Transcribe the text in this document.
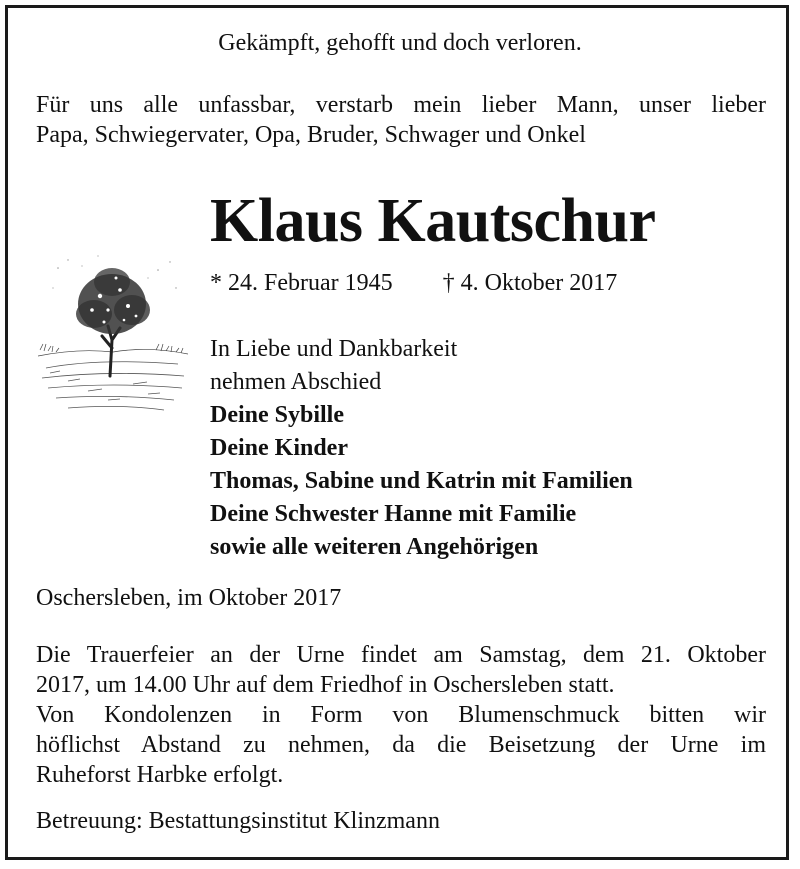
Gekämpft, gehofft und doch verloren.
Für uns alle unfassbar, verstarb mein lieber Mann, unser lieber
Papa, Schwiegervater, Opa, Bruder, Schwager und Onkel
Klaus Kautschur
* 24. Februar 1945 † 4. Oktober 2017
In Liebe und Dankbarkeit
nehmen Abschied
Deine Sybille
Deine Kinder
Thomas, Sabine und Katrin mit Familien
Deine Schwester Hanne mit Familie
sowie alle weiteren Angehörigen
Oschersleben, im Oktober 2017
Die Trauerfeier an der Urne findet am Samstag, dem 21. Oktober
2017, um 14.00 Uhr auf dem Friedhof in Oschersleben statt.
Von Kondolenzen in Form von Blumenschmuck bitten wir
höflichst Abstand zu nehmen, da die Beisetzung der Urne im
Ruheforst Harbke erfolgt.
Betreuung: Bestattungsinstitut Klinzmann
